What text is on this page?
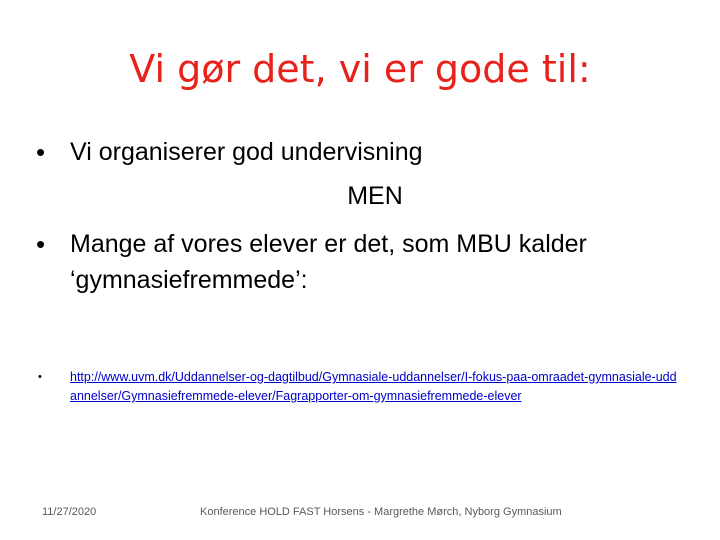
Vi gør det, vi er gode til:
• Vi organiserer god undervisning
MEN
• Mange af vores elever er det, som MBU kalder ‘gymnasiefremmede’:
•	http://www.uvm.dk/Uddannelser-og-dagtilbud/Gymnasiale-uddannelser/I-fokus-paa-omraadet-gymnasiale-uddannelser/Gymnasiefremmede-elever/Fagrapporter-om-gymnasiefremmede-elever
11/27/2020	Konference HOLD FAST Horsens - Margrethe Mørch, Nyborg Gymnasium
